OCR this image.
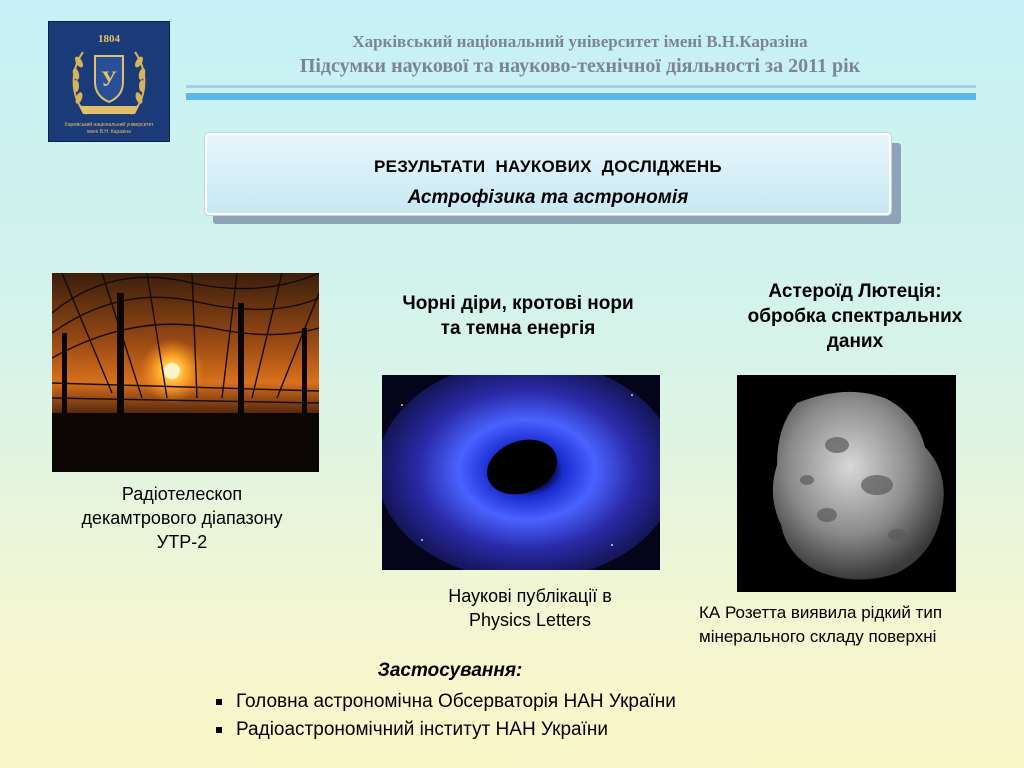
1804
У
Харківський національний університет
імені В.Н. Каразіна
Харківський національний університет імені В.Н.Каразіна
Підсумки наукової та науково-технічної діяльності за 2011 рік
РЕЗУЛЬТАТИ  НАУКОВИХ  ДОСЛІДЖЕНЬ
Астрофізика та астрономія
Радіотелескоп
декамтрового діапазону
УТР-2
Чорні діри, кротові нори
та темна енергія
Наукові публікації в
Physics Letters
Астероїд Лютеція:
обробка спектральних
даних
КА Розетта виявила рідкий тип
мінерального складу поверхні
Застосування:
Головна астрономічна Обсерваторія НАН України
Радіоастрономічний інститут НАН України
